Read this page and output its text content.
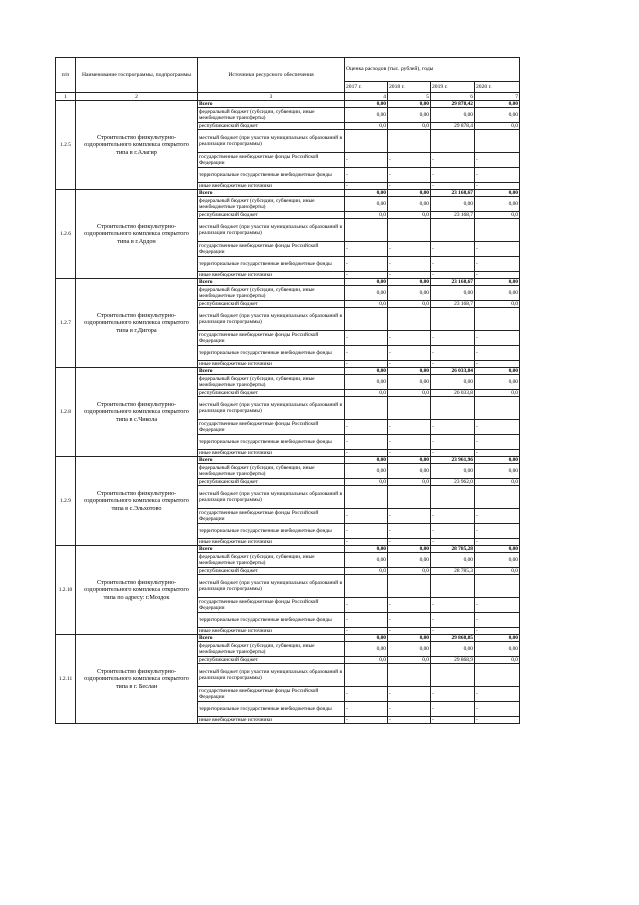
п/п	Наименование госпрограммы, подпрограммы	Источники ресурсного обеспечения	Оценка расходов (тыс. рублей), годы			
			2017 г.	2018 г.	2019 г.	2020 г.
1	2	3	4	5	6	7
1.2.5	Строительство физкультурно-оздоровительного комплекса открытого типа в г.Алагир	Всего	0,00	0,00	29 878,42	0,00
		федеральный бюджет (субсидии, субвенции, иные межбюджетные трансферты)	0,00	0,00	0,00	0,00
		республиканский бюджет	0,0	0,0	29 878,4	0,0
		местный бюджет (при участии муниципальных образований в реализации госпрограммы)				
		государственные внебюджетные фонды Российской Федерации	-	-	-	-
		территориальные государственные внебюджетные фонды	-	-	-	-
		иные внебюджетные источники	-	-	-	-
1.2.6	Строительство физкультурно-оздоровительного комплекса открытого типа в г.Ардон	Всего	0,00	0,00	23 168,67	0,00
		федеральный бюджет (субсидии, субвенции, иные межбюджетные трансферты)	0,00	0,00	0,00	0,00
		республиканский бюджет	0,0	0,0	23 168,7	0,0
		местный бюджет (при участии муниципальных образований в реализации госпрограммы)				
		государственные внебюджетные фонды Российской Федерации	-	-	-	-
		территориальные государственные внебюджетные фонды	-	-	-	-
		иные внебюджетные источники	-	-	-	-
1.2.7	Строительство физкультурно-оздоровительного комплекса открытого типа в г.Дигора	Всего	0,00	0,00	23 168,67	0,00
		федеральный бюджет (субсидии, субвенции, иные межбюджетные трансферты)	0,00	0,00	0,00	0,00
		республиканский бюджет	0,0	0,0	23 168,7	0,0
		местный бюджет (при участии муниципальных образований в реализации госпрограммы)				
		государственные внебюджетные фонды Российской Федерации	-	-	-	-
		территориальные государственные внебюджетные фонды	-	-	-	-
		иные внебюджетные источники	-	-	-	-
1.2.8	Строительство физкультурно-оздоровительного комплекса открытого типа в с.Чикола	Всего	0,00	0,00	26 033,84	0,00
		федеральный бюджет (субсидии, субвенции, иные межбюджетные трансферты)	0,00	0,00	0,00	0,00
		республиканский бюджет	0,0	0,0	26 033,8	0,0
		местный бюджет (при участии муниципальных образований в реализации госпрограммы)				
		государственные внебюджетные фонды Российской Федерации	-	-	-	-
		территориальные государственные внебюджетные фонды	-	-	-	-
		иные внебюджетные источники	-	-	-	-
1.2.9	Строительство физкультурно-оздоровительного комплекса открытого типа в с.Эльхотово	Всего	0,00	0,00	23 961,96	0,00
		федеральный бюджет (субсидии, субвенции, иные межбюджетные трансферты)	0,00	0,00	0,00	0,00
		республиканский бюджет	0,0	0,0	23 962,0	0,0
		местный бюджет (при участии муниципальных образований в реализации госпрограммы)				
		государственные внебюджетные фонды Российской Федерации	-	-	-	-
		территориальные государственные внебюджетные фонды	-	-	-	-
		иные внебюджетные источники	-	-	-	-
1.2.10	Строительство физкультурно-оздоровительного комплекса открытого типа по адресу: г.Моздок	Всего	0,00	0,00	28 785,28	0,00
		федеральный бюджет (субсидии, субвенции, иные межбюджетные трансферты)	0,00	0,00	0,00	0,00
		республиканский бюджет	0,0	0,0	28 785,3	0,0
		местный бюджет (при участии муниципальных образований в реализации госпрограммы)				
		государственные внебюджетные фонды Российской Федерации	-	-	-	-
		территориальные государственные внебюджетные фонды	-	-	-	-
		иные внебюджетные источники	-	-	-	-
1.2.11	Строительство физкультурно-оздоровительного комплекса открытого типа в г. Беслан	Всего	0,00	0,00	29 868,85	0,00
		федеральный бюджет (субсидии, субвенции, иные межбюджетные трансферты)	0,00	0,00	0,00	0,00
		республиканский бюджет	0,0	0,0	29 868,9	0,0
		местный бюджет (при участии муниципальных образований в реализации госпрограммы)				
		государственные внебюджетные фонды Российской Федерации	-	-	-	-
		территориальные государственные внебюджетные фонды	-	-	-	-
		иные внебюджетные источники	-	-	-	-
